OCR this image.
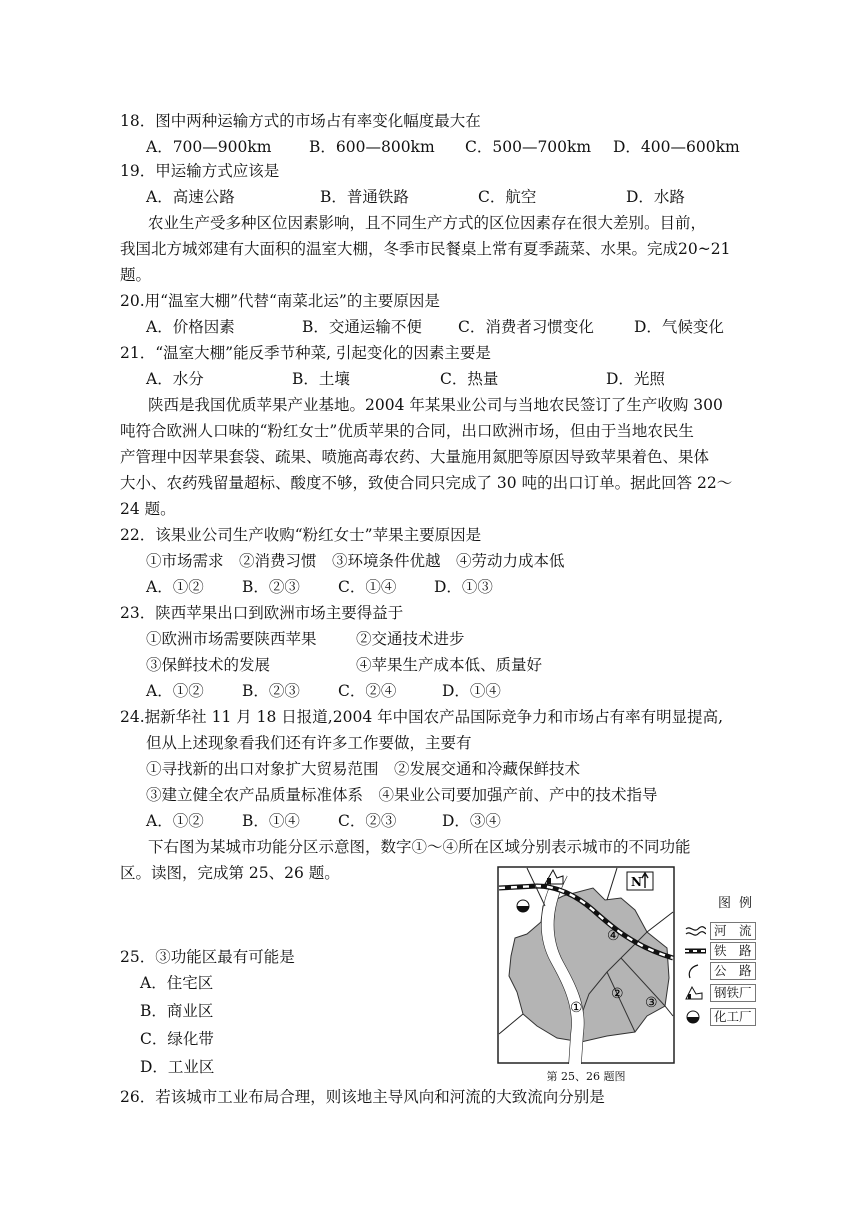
18．图中两种运输方式的市场占有率变化幅度最大在
A．700—900km B．600—800km C．500—700km D．400—600km
19．甲运输方式应该是
A．高速公路	B．普通铁路	C．航空	D．水路
农业生产受多种区位因素影响，且不同生产方式的区位因素存在很大差别。目前，
我国北方城郊建有大面积的温室大棚，冬季市民餐桌上常有夏季蔬菜、水果。完成20~21
题。
20.用“温室大棚”代替“南菜北运”的主要原因是
A．价格因素	B．交通运输不便 C．消费者习惯变化	D．气候变化
21．“温室大棚”能反季节种菜, 引起变化的因素主要是
A．水分	B．土壤	C．热量	D．光照
陕西是我国优质苹果产业基地。2004 年某果业公司与当地农民签订了生产收购 300
吨符合欧洲人口味的“粉红女士”优质苹果的合同，出口欧洲市场，但由于当地农民生
产管理中因苹果套袋、疏果、喷施高毒农药、大量施用氮肥等原因导致苹果着色、果体
大小、农药残留量超标、酸度不够，致使合同只完成了 30 吨的出口订单。据此回答 22～
24 题。
22．该果业公司生产收购“粉红女士”苹果主要原因是
①市场需求　②消费习惯　③环境条件优越　④劳动力成本低
A．①② B．②③ C．①④ D．①③
23．陕西苹果出口到欧洲市场主要得益于
①欧洲市场需要陕西苹果	②交通技术进步
③保鲜技术的发展	④苹果生产成本低、质量好
A．①② B．②③ C．②④	D．①④
24.据新华社 11 月 18 日报道,2004 年中国农产品国际竞争力和市场占有率有明显提高,
但从上述现象看我们还有许多工作要做，主要有
①寻找新的出口对象扩大贸易范围　②发展交通和冷藏保鲜技术
③建立健全农产品质量标准体系　④果业公司要加强产前、产中的技术指导
A．①② B．①④ C．②③	D．③④
下右图为某城市功能分区示意图，数字①～④所在区域分别表示城市的不同功能
区。读图，完成第 25、26 题。
25．③功能区最有可能是
A．住宅区
B．商业区
C．绿化带
D．工业区
26．若该城市工业布局合理，则该地主导风向和河流的大致流向分别是
N
④
②
③
①
第 25、26 题图
图例
河　流
铁　路
公　路
钢铁厂
化工厂
